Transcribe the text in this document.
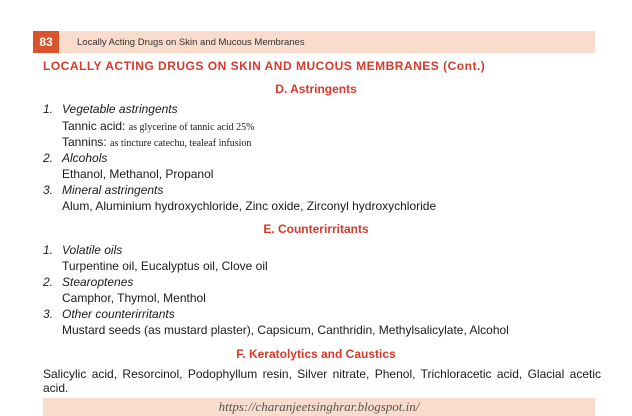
83	Locally Acting Drugs on Skin and Mucous Membranes
LOCALLY ACTING DRUGS ON SKIN AND MUCOUS MEMBRANES (Cont.)
D. Astringents
1. Vegetable astringents
Tannic acid: as glycerine of tannic acid 25%
Tannins: as tincture catechu, tealeaf infusion
2. Alcohols
Ethanol, Methanol, Propanol
3. Mineral astringents
Alum, Aluminium hydroxychloride, Zinc oxide, Zirconyl hydroxychloride
E. Counterirritants
1. Volatile oils
Turpentine oil, Eucalyptus oil, Clove oil
2. Stearoptenes
Camphor, Thymol, Menthol
3. Other counterirritants
Mustard seeds (as mustard plaster), Capsicum, Canthridin, Methylsalicylate, Alcohol
F. Keratolytics and Caustics
Salicylic acid, Resorcinol, Podophyllum resin, Silver nitrate, Phenol, Trichloracetic acid, Glacial acetic acid.
https://charanjeetsinghrar.blogspot.in/
